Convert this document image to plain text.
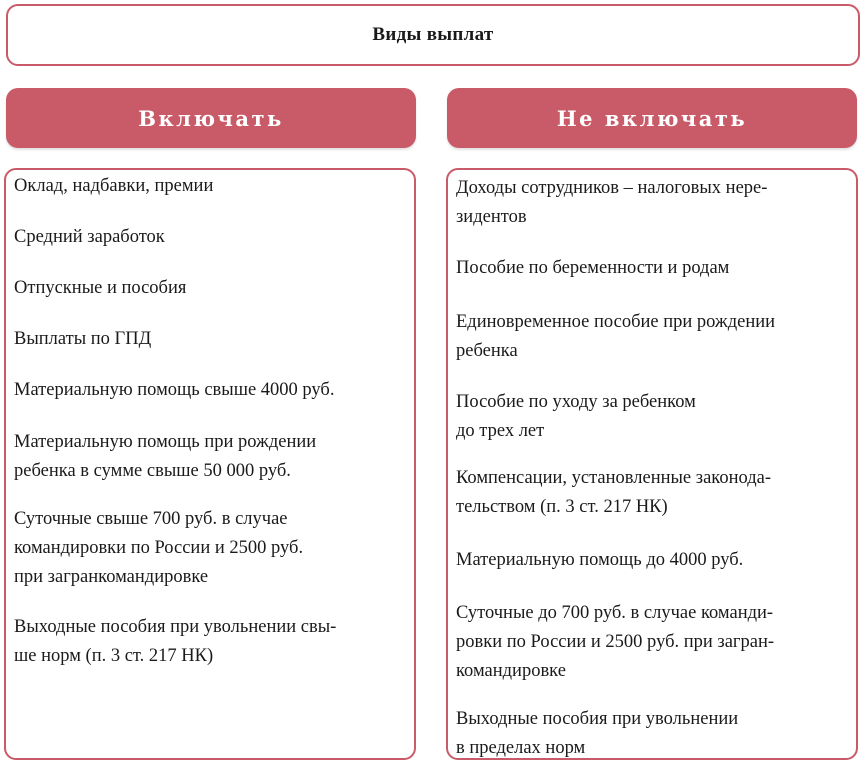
Виды выплат
Включать	Не включать
Оклад, надбавки, премии
Средний заработок
Отпускные и пособия
Выплаты по ГПД
Материальную помощь свыше 4000 руб.
Материальную помощь при рождении
ребенка в сумме свыше 50 000 руб.
Суточные свыше 700 руб. в случае
командировки по России и 2500 руб.
при загранкомандировке
Выходные пособия при увольнении свы-
ше норм (п. 3 ст. 217 НК)
Доходы сотрудников – налоговых нере-
зидентов
Пособие по беременности и родам
Единовременное пособие при рождении
ребенка
Пособие по уходу за ребенком
до трех лет
Компенсации, установленные законода-
тельством (п. 3 ст. 217 НК)
Материальную помощь до 4000 руб.
Суточные до 700 руб. в случае команди-
ровки по России и 2500 руб. при загран-
командировке
Выходные пособия при увольнении
в пределах норм
